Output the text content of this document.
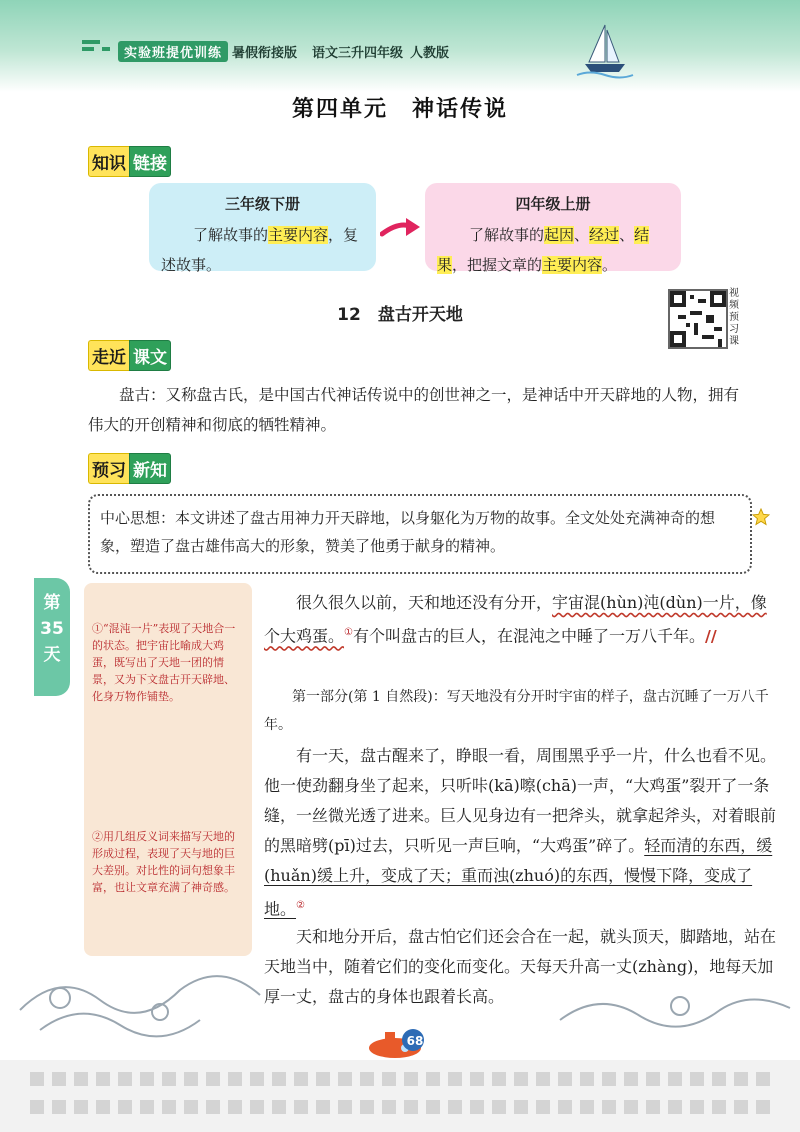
实验班提优训练 暑假衔接版 语文三升四年级 人教版
第四单元　神话传说
知识 链接
三年级下册

了解故事的主要内容，复述故事。

四年级上册

了解故事的起因、经过、结果，把握文章的主要内容。

12　盘古开天地
视频预习课
走近 课文
盘古：又称盘古氏，是中国古代神话传说中的创世神之一，是神话中开天辟地的人物，拥有伟大的开创精神和彻底的牺牲精神。
预习 新知
中心思想：本文讲述了盘古用神力开天辟地，以身躯化为万物的故事。全文处处充满神奇的想象，塑造了盘古雄伟高大的形象，赞美了他勇于献身的精神。
第35天
①“混沌一片”表现了天地合一的状态。把宇宙比喻成大鸡蛋，既写出了天地一团的情景，又为下文盘古开天辟地、化身万物作铺垫。
②用几组反义词来描写天地的形成过程，表现了天与地的巨大差别。对比性的词句想象丰富，也让文章充满了神奇感。
很久很久以前，天和地还没有分开，宇宙混(hùn)沌(dùn)一片，像个大鸡蛋。①有个叫盘古的巨人，在混沌之中睡了一万八千年。//
第一部分(第 1 自然段)：写天地没有分开时宇宙的样子，盘古沉睡了一万八千年。
有一天，盘古醒来了，睁眼一看，周围黑乎乎一片，什么也看不见。他一使劲翻身坐了起来，只听咔(kā)嚓(chā)一声，“大鸡蛋”裂开了一条缝，一丝微光透了进来。巨人见身边有一把斧头，就拿起斧头，对着眼前的黑暗劈(pī)过去，只听见一声巨响，“大鸡蛋”碎了。轻而清的东西，缓(huǎn)缓上升，变成了天；重而浊(zhuó)的东西，慢慢下降，变成了地。②
天和地分开后，盘古怕它们还会合在一起，就头顶天，脚踏地，站在天地当中，随着它们的变化而变化。天每天升高一丈(zhàng)，地每天加厚一丈，盘古的身体也跟着长高。
68
